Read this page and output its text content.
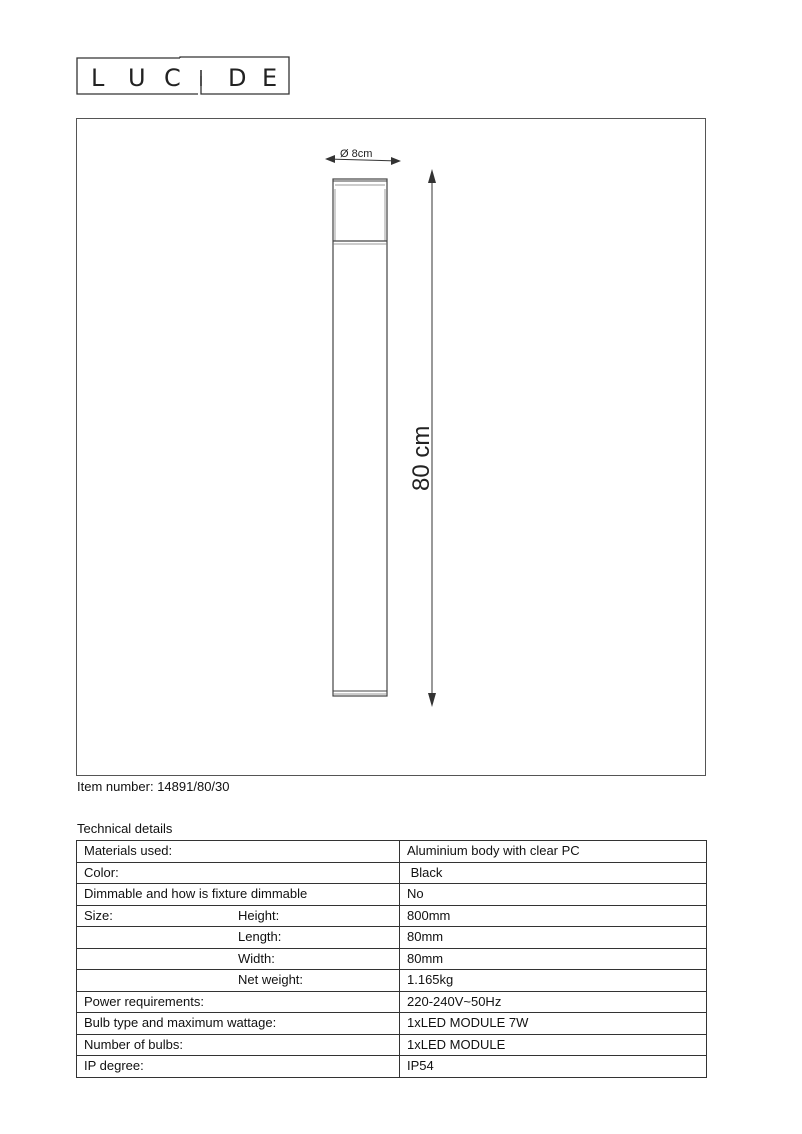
L U C D E
Ø 8cm
80 cm
Item number: 14891/80/30
Technical details
Materials used:	Aluminium body with clear PC
Color:	Black
Dimmable and how is fixture dimmable	No
Size: Height:	800mm
Length:	80mm
Width:	80mm
Net weight:	1.165kg
Power requirements:	220-240V~50Hz
Bulb type and maximum wattage:	1xLED MODULE 7W
Number of bulbs:	1xLED MODULE
IP degree:	IP54
